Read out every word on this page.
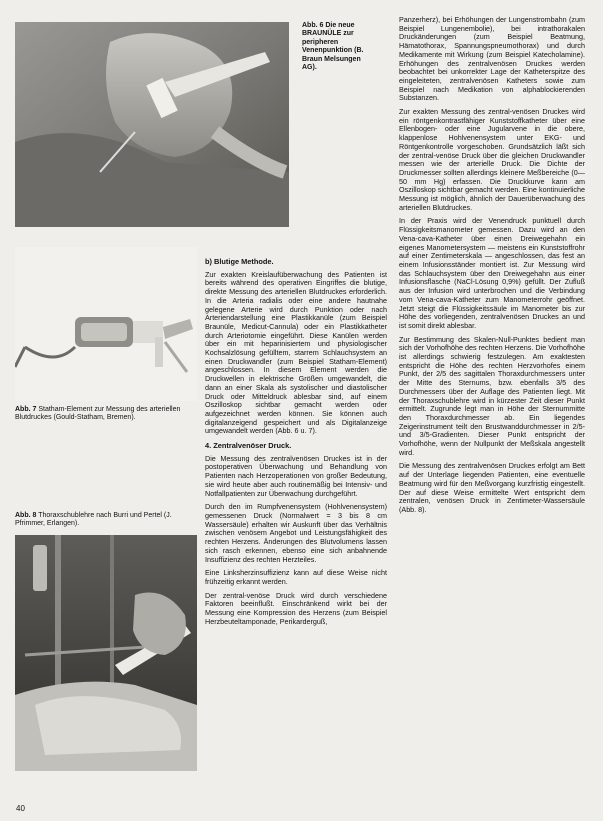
Abb. 6 Die neue BRAUNÜLE zur peripheren Venenpunktion (B. Braun Melsungen AG).
Abb. 7 Statham-Element zur Messung des arteriellen Blutdruckes (Gould-Statham, Bremen).
Abb. 8 Thoraxschublehre nach Burri und Pertel (J. Pfrimmer, Erlangen).
b) Blutige Methode.

Zur exakten Kreislaufüberwachung des Patienten ist bereits während des operativen Eingriffes die blutige, direkte Messung des arteriellen Blutdruckes erforderlich. In die Arteria radialis oder eine andere hautnahe gelegene Arterie wird durch Punktion oder nach Arteriendarstellung eine Plastikkanüle (zum Beispiel Braunüle, Medicut-Cannula) oder ein Plastikkatheter durch Arteriotomie eingeführt. Diese Kanülen werden über ein mit heparinisiertem und physiologischer Kochsalzlösung gefülltem, starrem Schlauchsystem an einen Druckwandler (zum Beispiel Statham-Element) angeschlossen. In diesem Element werden die Druckwellen in elektrische Größen umgewandelt, die dann an einer Skala als systolischer und diastolischer Druck oder Mitteldruck ablesbar sind, auf einem Oszilloskop sichtbar gemacht werden oder aufgezeichnet werden können. Sie können auch digitalanzeigend gespeichert und als Digitalanzeige umgewandelt werden (Abb. 6 u. 7).

4. Zentralvenöser Druck.

Die Messung des zentralvenösen Druckes ist in der postoperativen Überwachung und Behandlung von Patienten nach Herzoperationen von großer Bedeutung, sie wird heute aber auch routinemäßig bei Intensiv- und Notfallpatienten zur Überwachung durchgeführt.

Durch den im Rumpfvenensystem (Hohlvenensystem) gemessenen Druck (Normalwert = 3 bis 8 cm Wassersäule) erhalten wir Auskunft über das Verhältnis zwischen venösem Angebot und Leistungsfähigkeit des rechten Herzens. Änderungen des Blutvolumens lassen sich rasch erkennen, ebenso eine sich anbahnende Insuffizienz des rechten Herzteiles.

Eine Linksherzinsuffizienz kann auf diese Weise nicht frühzeitig erkannt werden.

Der zentral-venöse Druck wird durch verschiedene Faktoren beeinflußt. Einschränkend wirkt bei der Messung eine Kompression des Herzens (zum Beispiel Herzbeuteltamponade, Perikarderguß,

Panzerherz), bei Erhöhungen der Lungenstrombahn (zum Beispiel Lungenembolie), bei intrathorakalen Druckänderungen (zum Beispiel Beatmung, Hämatothorax, Spannungspneumothorax) und durch Medikamente mit Wirkung (zum Beispiel Katecholamine). Erhöhungen des zentralvenösen Druckes werden beobachtet bei unkorrekter Lage der Katheterspitze des eingeleiteten, zentralvenösen Katheters sowie zum Beispiel nach Medikation von alphablockierenden Substanzen.

Zur exakten Messung des zentral-venösen Druckes wird ein röntgenkontrastfähiger Kunststoffkatheter über eine Ellenbogen- oder eine Jugularvene in die obere, klappenlose Hohlvenensystem unter EKG- und Röntgenkontrolle vorgeschoben. Grundsätzlich läßt sich der zentral-venöse Druck über die gleichen Druckwandler messen wie der arterielle Druck. Die Dichte der Druckmesser sollten allerdings kleinere Meßbereiche (0—50 mm Hg) erfassen. Die Druckkurve kann am Oszilloskop sichtbar gemacht werden. Eine kontinuierliche Messung ist möglich, ähnlich der Dauerüberwachung des arteriellen Blutdruckes.

In der Praxis wird der Venendruck punktuell durch Flüssigkeitsmanometer gemessen. Dazu wird an den Vena-cava-Katheter über einen Dreiwegehahn ein eigenes Manometersystem — meistens ein Kunststoffrohr auf einer Zentimeterskala — angeschlossen, das fest an einem Infusionsständer montiert ist. Zur Messung wird das Schlauchsystem über den Dreiwegehahn aus einer Infusionsflasche (NaCl-Lösung 0,9%) gefüllt. Der Zufluß aus der Infusion wird unterbrochen und die Verbindung vom Vena-cava-Katheter zum Manometerrohr geöffnet. Jetzt steigt die Flüssigkeitssäule im Manometer bis zur Höhe des vorliegenden, zentralvenösen Druckes an und ist somit direkt ablesbar.

Zur Bestimmung des Skalen-Null-Punktes bedient man sich der Vorhofhöhe des rechten Herzens. Die Vorhofhöhe ist allerdings schwierig festzulegen. Am exaktesten entspricht die Höhe des rechten Herzvorhofes einem Punkt, der 2/5 des sagittalen Thoraxdurchmessers unter der Mitte des Sternums, bzw. ebenfalls 3/5 des Durchmessers über der Auflage des Patienten liegt. Mit der Thoraxschublehre wird in kürzester Zeit dieser Punkt ermittelt. Zugrunde legt man in Höhe der Sternummitte den Thoraxdurchmesser ab. Ein liegendes Zeigerinstrument teilt den Brustwanddurchmesser in 2/5- und 3/5-Gradienten. Dieser Punkt entspricht der Vorhofhöhe, wenn der Nullpunkt der Meßskala angestellt wird.

Die Messung des zentralvenösen Druckes erfolgt am Bett auf der Unterlage liegenden Patienten, eine eventuelle Beatmung wird für den Meßvorgang kurzfristig eingestellt. Der auf diese Weise ermittelte Wert entspricht dem zentralen, venösen Druck in Zentimeter-Wassersäule (Abb. 8).

40
